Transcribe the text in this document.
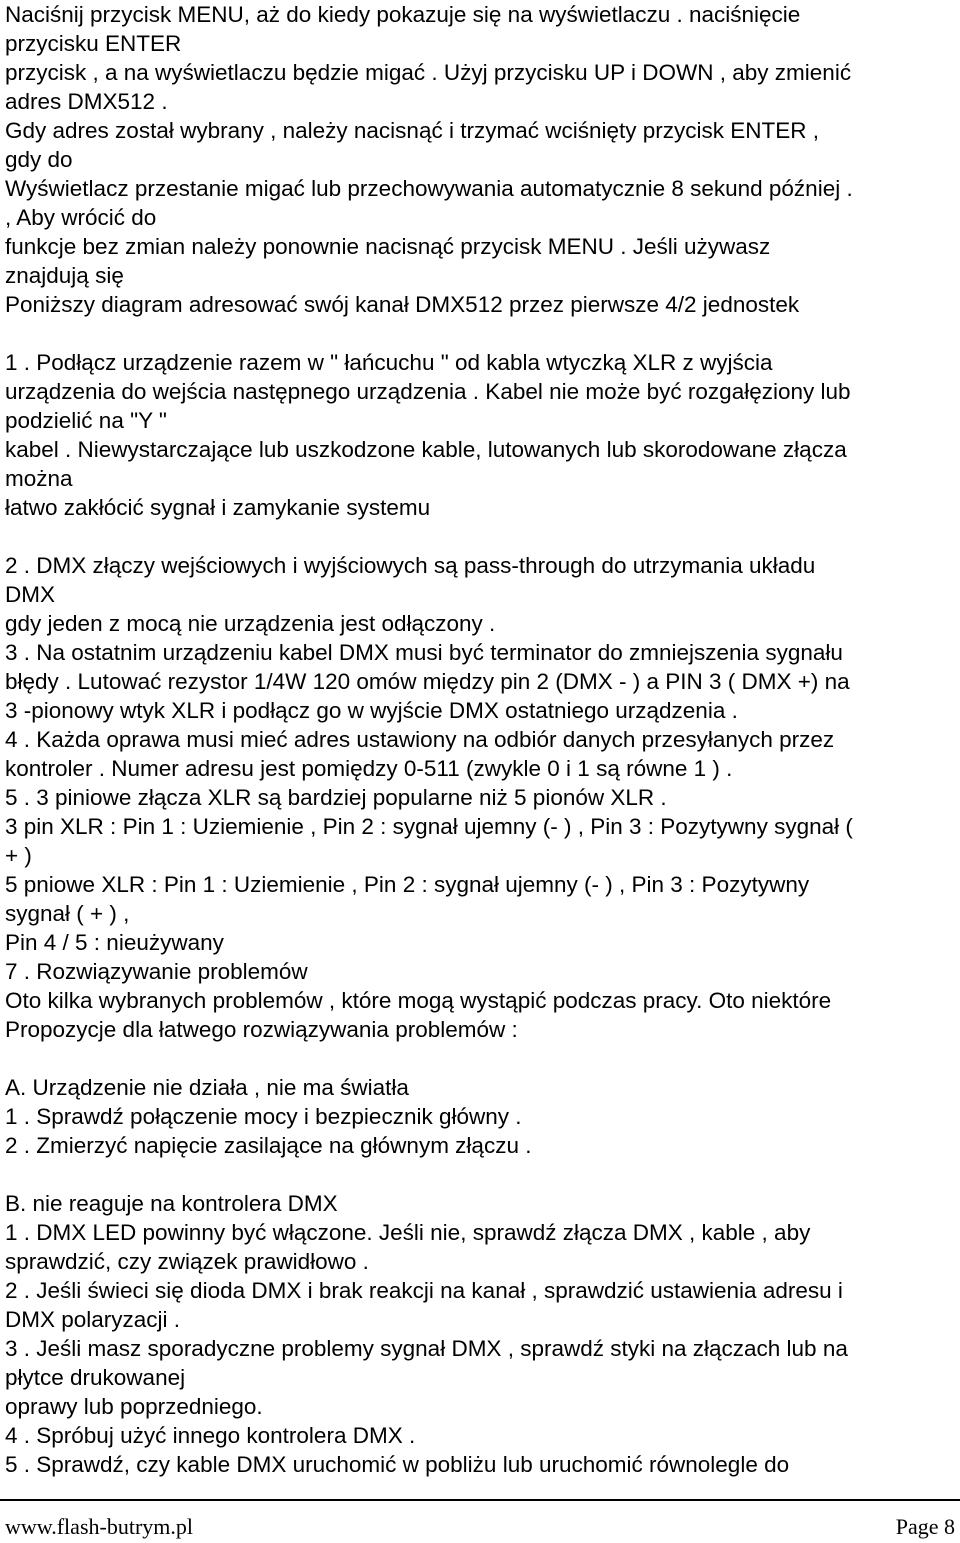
Naciśnij przycisk MENU, aż do kiedy pokazuje się na wyświetlaczu . naciśnięcie
przycisku ENTER
przycisk , a na wyświetlaczu będzie migać . Użyj przycisku UP i DOWN , aby zmienić
adres DMX512 .
Gdy adres został wybrany , należy nacisnąć i trzymać wciśnięty przycisk ENTER ,
gdy do
Wyświetlacz przestanie migać lub przechowywania automatycznie 8 sekund później .
, Aby wrócić do
funkcje bez zmian należy ponownie nacisnąć przycisk MENU . Jeśli używasz
znajdują się
Poniższy diagram adresować swój kanał DMX512 przez pierwsze 4/2 jednostek
1 . Podłącz urządzenie razem w " łańcuchu " od kabla wtyczką XLR z wyjścia
urządzenia do wejścia następnego urządzenia . Kabel nie może być rozgałęziony lub
podzielić na "Y "
kabel . Niewystarczające lub uszkodzone kable, lutowanych lub skorodowane złącza
można
łatwo zakłócić sygnał i zamykanie systemu
2 . DMX złączy wejściowych i wyjściowych są pass-through do utrzymania układu
DMX
gdy jeden z mocą nie urządzenia jest odłączony .
3 . Na ostatnim urządzeniu kabel DMX musi być terminator do zmniejszenia sygnału
błędy . Lutować rezystor 1/4W 120 omów między pin 2 (DMX - ) a PIN 3 ( DMX +) na
3 -pionowy wtyk XLR i podłącz go w wyjście DMX ostatniego urządzenia .
4 . Każda oprawa musi mieć adres ustawiony na odbiór danych przesyłanych przez
kontroler . Numer adresu jest pomiędzy 0-511 (zwykle 0 i 1 są równe 1 ) .
5 . 3 piniowe złącza XLR są bardziej popularne niż 5 pionów XLR .
3 pin XLR : Pin 1 : Uziemienie , Pin 2 : sygnał ujemny (- ) , Pin 3 : Pozytywny sygnał (
+ )
5 pniowe XLR : Pin 1 : Uziemienie , Pin 2 : sygnał ujemny (- ) , Pin 3 : Pozytywny
sygnał ( + ) ,
Pin 4 / 5 : nieużywany
7 . Rozwiązywanie problemów
Oto kilka wybranych problemów , które mogą wystąpić podczas pracy. Oto niektóre
Propozycje dla łatwego rozwiązywania problemów :
A. Urządzenie nie działa , nie ma światła
1 . Sprawdź połączenie mocy i bezpiecznik główny .
2 . Zmierzyć napięcie zasilające na głównym złączu .
B. nie reaguje na kontrolera DMX
1 . DMX LED powinny być włączone. Jeśli nie, sprawdź złącza DMX , kable , aby
sprawdzić, czy związek prawidłowo .
2 . Jeśli świeci się dioda DMX i brak reakcji na kanał , sprawdzić ustawienia adresu i
DMX polaryzacji .
3 . Jeśli masz sporadyczne problemy sygnał DMX , sprawdź styki na złączach lub na
płytce drukowanej
oprawy lub poprzedniego.
4 . Spróbuj użyć innego kontrolera DMX .
5 . Sprawdź, czy kable DMX uruchomić w pobliżu lub uruchomić równolegle do
www.flash-butrym.pl	Page 8
